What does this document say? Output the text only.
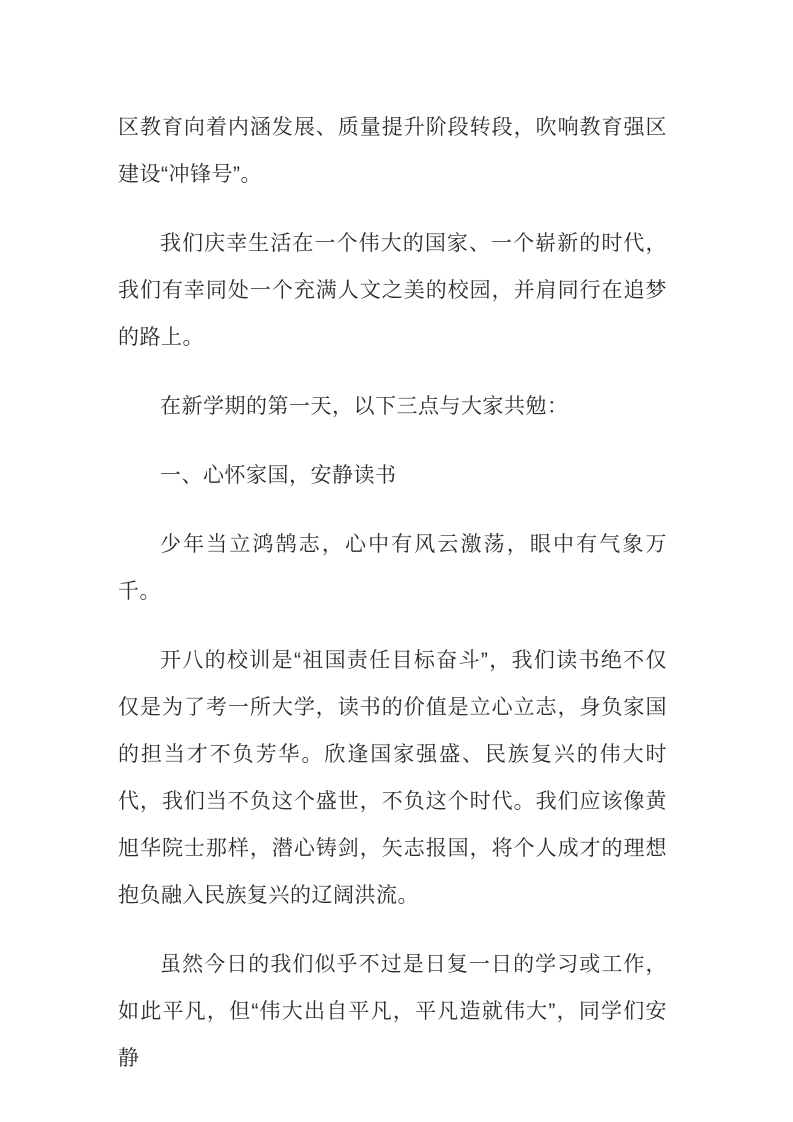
区教育向着内涵发展、质量提升阶段转段，吹响教育强区建设“冲锋号”。

我们庆幸生活在一个伟大的国家、一个崭新的时代，我们有幸同处一个充满人文之美的校园，并肩同行在追梦的路上。

在新学期的第一天，以下三点与大家共勉：

一、心怀家国，安静读书

少年当立鸿鹄志，心中有风云激荡，眼中有气象万千。

开八的校训是“祖国责任目标奋斗”，我们读书绝不仅仅是为了考一所大学，读书的价值是立心立志，身负家国的担当才不负芳华。欣逢国家强盛、民族复兴的伟大时代，我们当不负这个盛世，不负这个时代。我们应该像黄旭华院士那样，潜心铸剑，矢志报国，将个人成才的理想抱负融入民族复兴的辽阔洪流。

虽然今日的我们似乎不过是日复一日的学习或工作，如此平凡，但“伟大出自平凡，平凡造就伟大”，同学们安静
